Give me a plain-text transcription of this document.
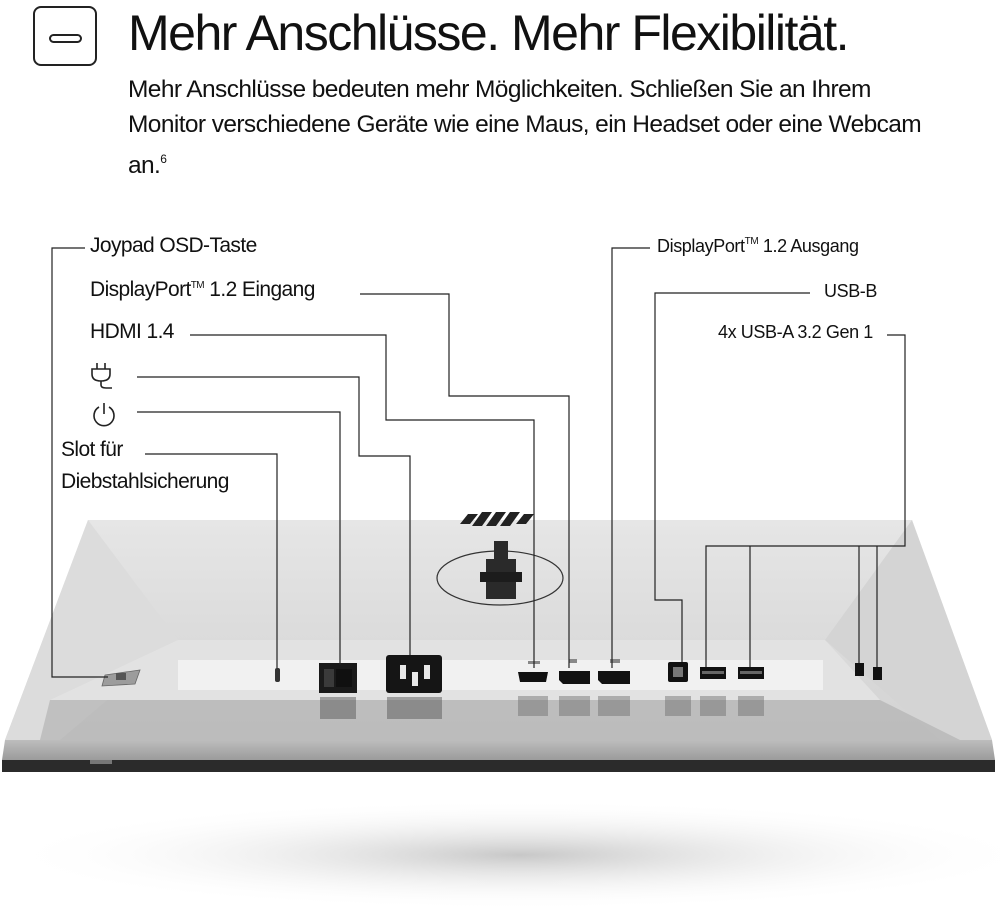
Mehr Anschlüsse. Mehr Flexibilität.
Mehr Anschlüsse bedeuten mehr Möglichkeiten. Schließen Sie an Ihrem Monitor verschiedene Geräte wie eine Maus, ein Headset oder eine Webcam an.$^6$
Joypad OSD-Taste
DisplayPort™ 1.2 Eingang
HDMI 1.4
Slot für
Diebstahlsicherung
DisplayPort™ 1.2 Ausgang
USB-B
4x USB-A 3.2 Gen 1
